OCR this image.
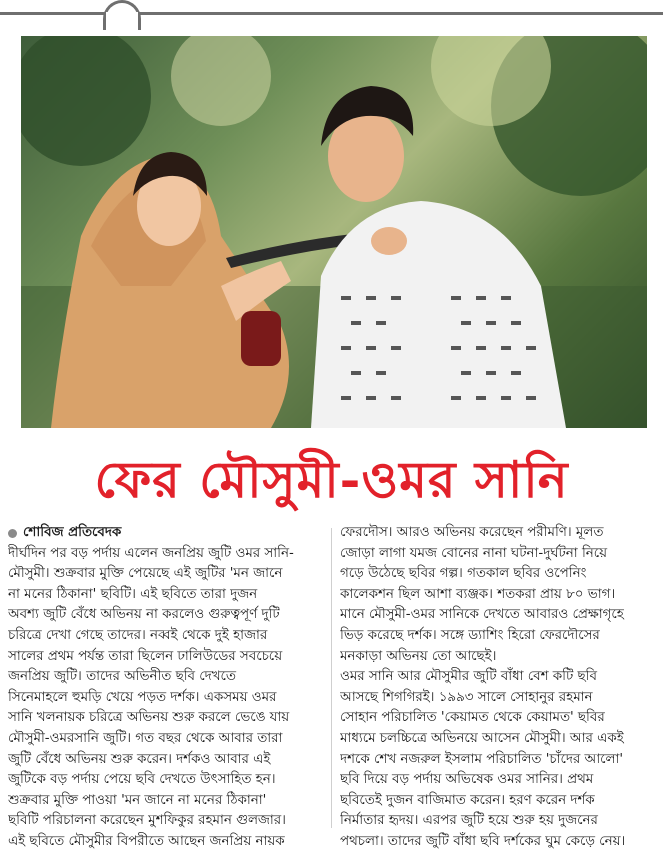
ফের মৌসুমী-ওমর সানি
শোবিজ প্রতিবেদক
দীর্ঘদিন পর বড় পর্দায় এলেন জনপ্রিয় জুটি ওমর সানি-
মৌসুমী। শুক্রবার মুক্তি পেয়েছে এই জুটির 'মন জানে
না মনের ঠিকানা' ছবিটি। এই ছবিতে তারা দুজন
অবশ্য জুটি বেঁধে অভিনয় না করলেও গুরুত্বপূর্ণ দুটি
চরিত্রে দেখা গেছে তাদের। নব্বই থেকে দুই হাজার
সালের প্রথম পর্যন্ত তারা ছিলেন ঢালিউডের সবচেয়ে
জনপ্রিয় জুটি। তাদের অভিনীত ছবি দেখতে
সিনেমাহলে হুমড়ি খেয়ে পড়ত দর্শক। একসময় ওমর
সানি খলনায়ক চরিত্রে অভিনয় শুরু করলে ভেঙে যায়
মৌসুমী-ওমরসানি জুটি। গত বছর থেকে আবার তারা
জুটি বেঁধে অভিনয় শুরু করেন। দর্শকও আবার এই
জুটিকে বড় পর্দায় পেয়ে ছবি দেখতে উৎসাহিত হন।
শুক্রবার মুক্তি পাওয়া 'মন জানে না মনের ঠিকানা'
ছবিটি পরিচালনা করেছেন মুশফিকুর রহমান গুলজার।
এই ছবিতে মৌসুমীর বিপরীতে আছেন জনপ্রিয় নায়ক
ফেরদৌস। আরও অভিনয় করেছেন পরীমণি। মূলত
জোড়া লাগা যমজ বোনের নানা ঘটনা-দুর্ঘটনা নিয়ে
গড়ে উঠেছে ছবির গল্প। গতকাল ছবির ওপেনিং
কালেকশন ছিল আশা ব্যঞ্জক। শতকরা প্রায় ৮০ ভাগ।
মানে মৌসুমী-ওমর সানিকে দেখতে আবারও প্রেক্ষাগৃহে
ভিড় করেছে দর্শক। সঙ্গে ড্যাশিং হিরো ফেরদৌসের
মনকাড়া অভিনয় তো আছেই।
ওমর সানি আর মৌসুমীর জুটি বাঁধা বেশ কটি ছবি
আসছে শিগগিরই। ১৯৯৩ সালে সোহানুর রহমান
সোহান পরিচালিত 'কেয়ামত থেকে কেয়ামত' ছবির
মাধ্যমে চলচ্চিত্রে অভিনয়ে আসেন মৌসুমী। আর একই
দশকে শেখ নজরুল ইসলাম পরিচালিত 'চাঁদের আলো'
ছবি দিয়ে বড় পর্দায় অভিষেক ওমর সানির। প্রথম
ছবিতেই দুজন বাজিমাত করেন। হরণ করেন দর্শক
নির্মাতার হৃদয়। এরপর জুটি হয়ে শুরু হয় দুজনের
পথচলা। তাদের জুটি বাঁধা ছবি দর্শকের ঘুম কেড়ে নেয়।
